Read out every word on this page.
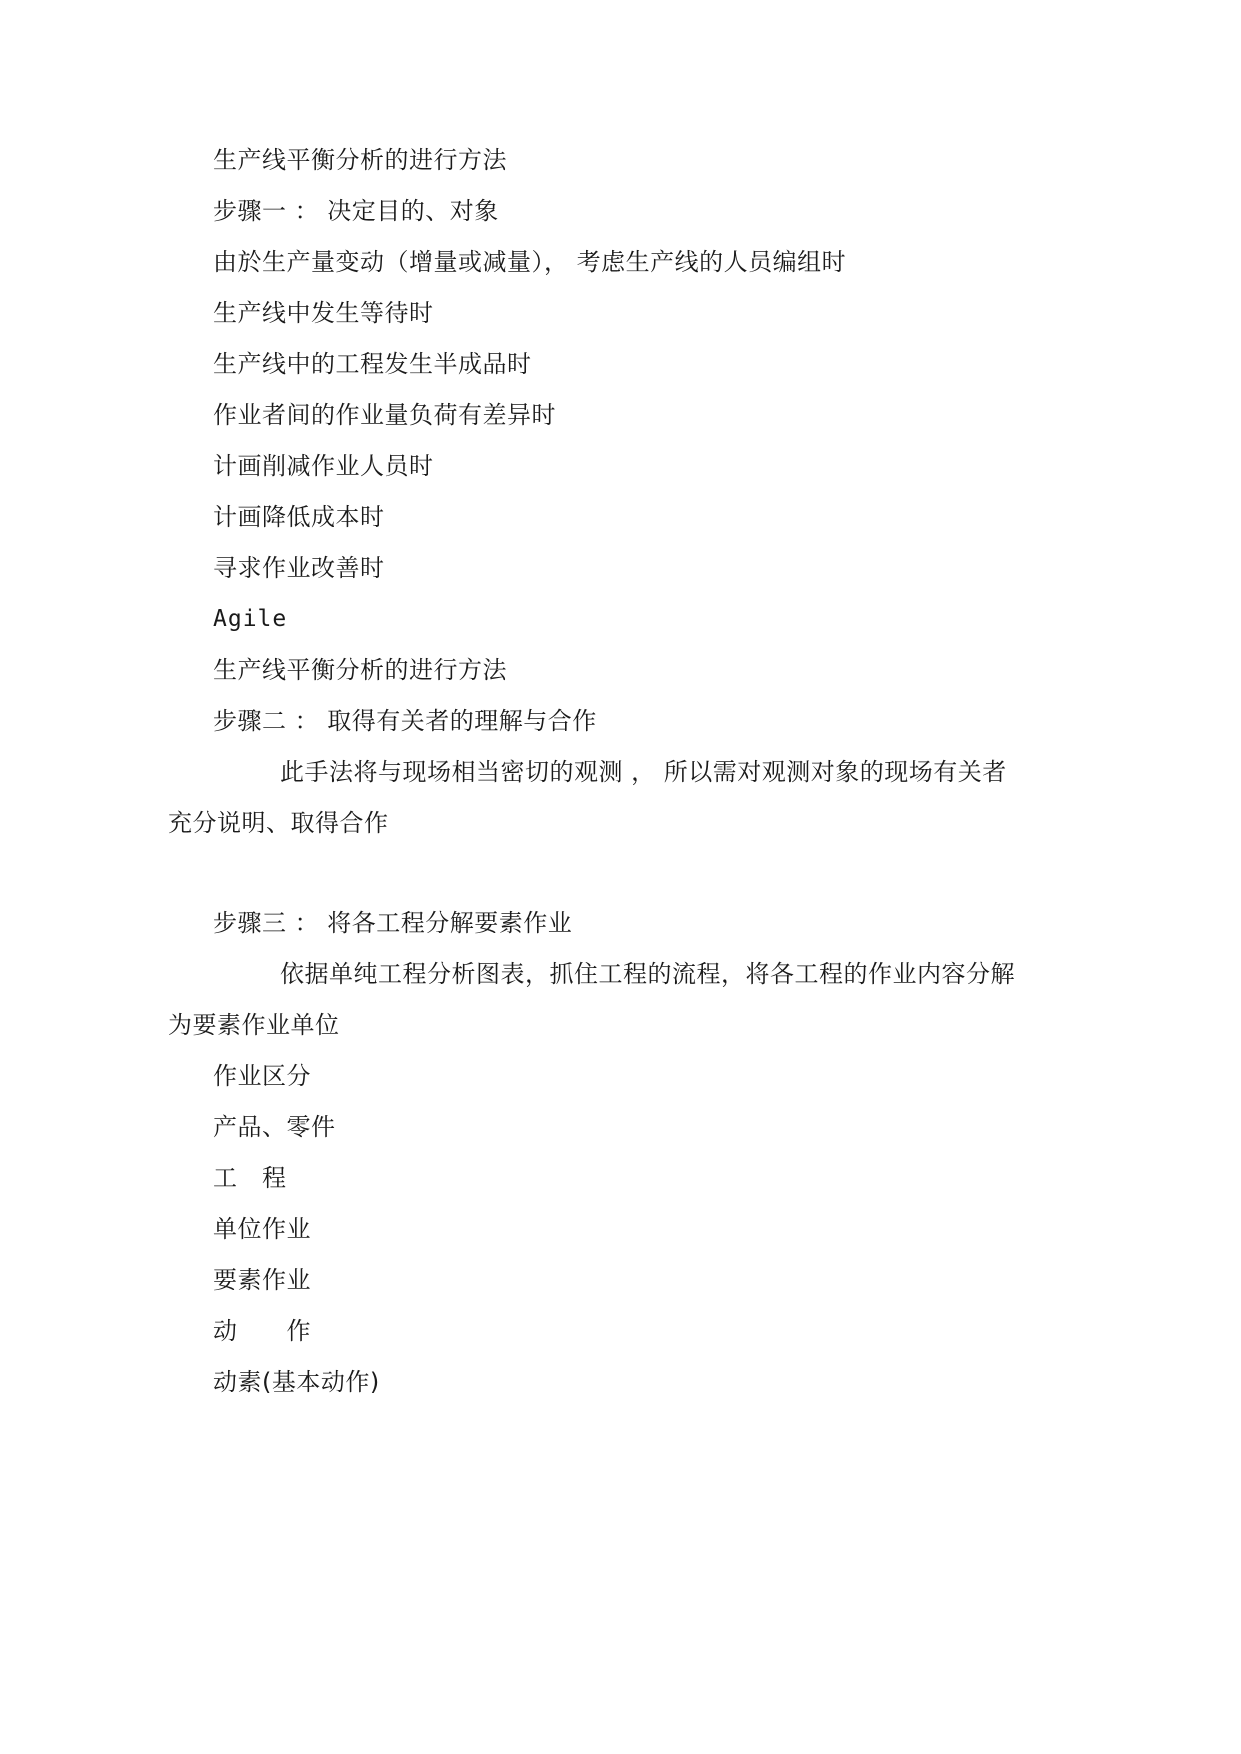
生产线平衡分析的进行方法
步骤一 ： 决定目的、对象
由於生产量变动（增量或减量）， 考虑生产线的人员编组时
生产线中发生等待时
生产线中的工程发生半成品时
作业者间的作业量负荷有差异时
计画削减作业人员时
计画降低成本时
寻求作业改善时
Agile
生产线平衡分析的进行方法
步骤二 ： 取得有关者的理解与合作
此手法将与现场相当密切的观测 ， 所以需对观测对象的现场有关者
充分说明、取得合作
步骤三 ： 将各工程分解要素作业
依据单纯工程分析图表，抓住工程的流程，将各工程的作业内容分解
为要素作业单位
作业区分
产品、零件
工　程
单位作业
要素作业
动　　作
动素(基本动作)
